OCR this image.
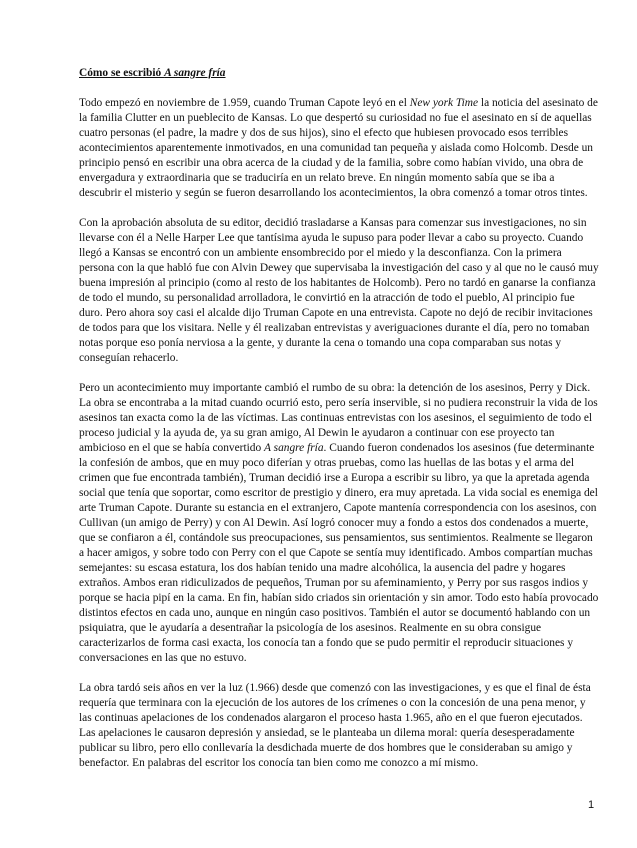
Cómo se escribió A sangre fría

Todo empezó en noviembre de 1.959, cuando Truman Capote leyó en el New york Time la noticia del asesinato de la familia Clutter en un pueblecito de Kansas. Lo que despertó su curiosidad no fue el asesinato en sí de aquellas cuatro personas (el padre, la madre y dos de sus hijos), sino el efecto que hubiesen provocado esos terribles acontecimientos aparentemente inmotivados, en una comunidad tan pequeña y aislada como Holcomb. Desde un principio pensó en escribir una obra acerca de la ciudad y de la familia, sobre como habían vivido, una obra de envergadura y extraordinaria que se traduciría en un relato breve. En ningún momento sabía que se iba a descubrir el misterio y según se fueron desarrollando los acontecimientos, la obra comenzó a tomar otros tintes.

Con la aprobación absoluta de su editor, decidió trasladarse a Kansas para comenzar sus investigaciones, no sin llevarse con él a Nelle Harper Lee que tantísima ayuda le supuso para poder llevar a cabo su proyecto. Cuando llegó a Kansas se encontró con un ambiente ensombrecido por el miedo y la desconfianza. Con la primera persona con la que habló fue con Alvin Dewey que supervisaba la investigación del caso y al que no le causó muy buena impresión al principio (como al resto de los habitantes de Holcomb). Pero no tardó en ganarse la confianza de todo el mundo, su personalidad arrolladora, le convirtió en la atracción de todo el pueblo, Al principio fue duro. Pero ahora soy casi el alcalde dijo Truman Capote en una entrevista. Capote no dejó de recibir invitaciones de todos para que los visitara. Nelle y él realizaban entrevistas y averiguaciones durante el día, pero no tomaban notas porque eso ponía nerviosa a la gente, y durante la cena o tomando una copa comparaban sus notas y conseguían rehacerlo.

Pero un acontecimiento muy importante cambió el rumbo de su obra: la detención de los asesinos, Perry y Dick. La obra se encontraba a la mitad cuando ocurrió esto, pero sería inservible, si no pudiera reconstruir la vida de los asesinos tan exacta como la de las víctimas. Las continuas entrevistas con los asesinos, el seguimiento de todo el proceso judicial y la ayuda de, ya su gran amigo, Al Dewin le ayudaron a continuar con ese proyecto tan ambicioso en el que se había convertido A sangre fría. Cuando fueron condenados los asesinos (fue determinante la confesión de ambos, que en muy poco diferían y otras pruebas, como las huellas de las botas y el arma del crimen que fue encontrada también), Truman decidió irse a Europa a escribir su libro, ya que la apretada agenda social que tenía que soportar, como escritor de prestigio y dinero, era muy apretada. La vida social es enemiga del arte Truman Capote. Durante su estancia en el extranjero, Capote mantenía correspondencia con los asesinos, con Cullivan (un amigo de Perry) y con Al Dewin. Así logró conocer muy a fondo a estos dos condenados a muerte, que se confiaron a él, contándole sus preocupaciones, sus pensamientos, sus sentimientos. Realmente se llegaron a hacer amigos, y sobre todo con Perry con el que Capote se sentía muy identificado. Ambos compartían muchas semejantes: su escasa estatura, los dos habían tenido una madre alcohólica, la ausencia del padre y hogares extraños. Ambos eran ridiculizados de pequeños, Truman por su afeminamiento, y Perry por sus rasgos indios y porque se hacia pipí en la cama. En fin, habían sido criados sin orientación y sin amor. Todo esto había provocado distintos efectos en cada uno, aunque en ningún caso positivos. También el autor se documentó hablando con un psiquiatra, que le ayudaría a desentrañar la psicología de los asesinos. Realmente en su obra consigue caracterizarlos de forma casi exacta, los conocía tan a fondo que se pudo permitir el reproducir situaciones y conversaciones en las que no estuvo.

La obra tardó seis años en ver la luz (1.966) desde que comenzó con las investigaciones, y es que el final de ésta requería que terminara con la ejecución de los autores de los crímenes o con la concesión de una pena menor, y las continuas apelaciones de los condenados alargaron el proceso hasta 1.965, año en el que fueron ejecutados. Las apelaciones le causaron depresión y ansiedad, se le planteaba un dilema moral: quería desesperadamente publicar su libro, pero ello conllevaría la desdichada muerte de dos hombres que le consideraban su amigo y benefactor. En palabras del escritor los conocía tan bien como me conozco a mí mismo.

1
